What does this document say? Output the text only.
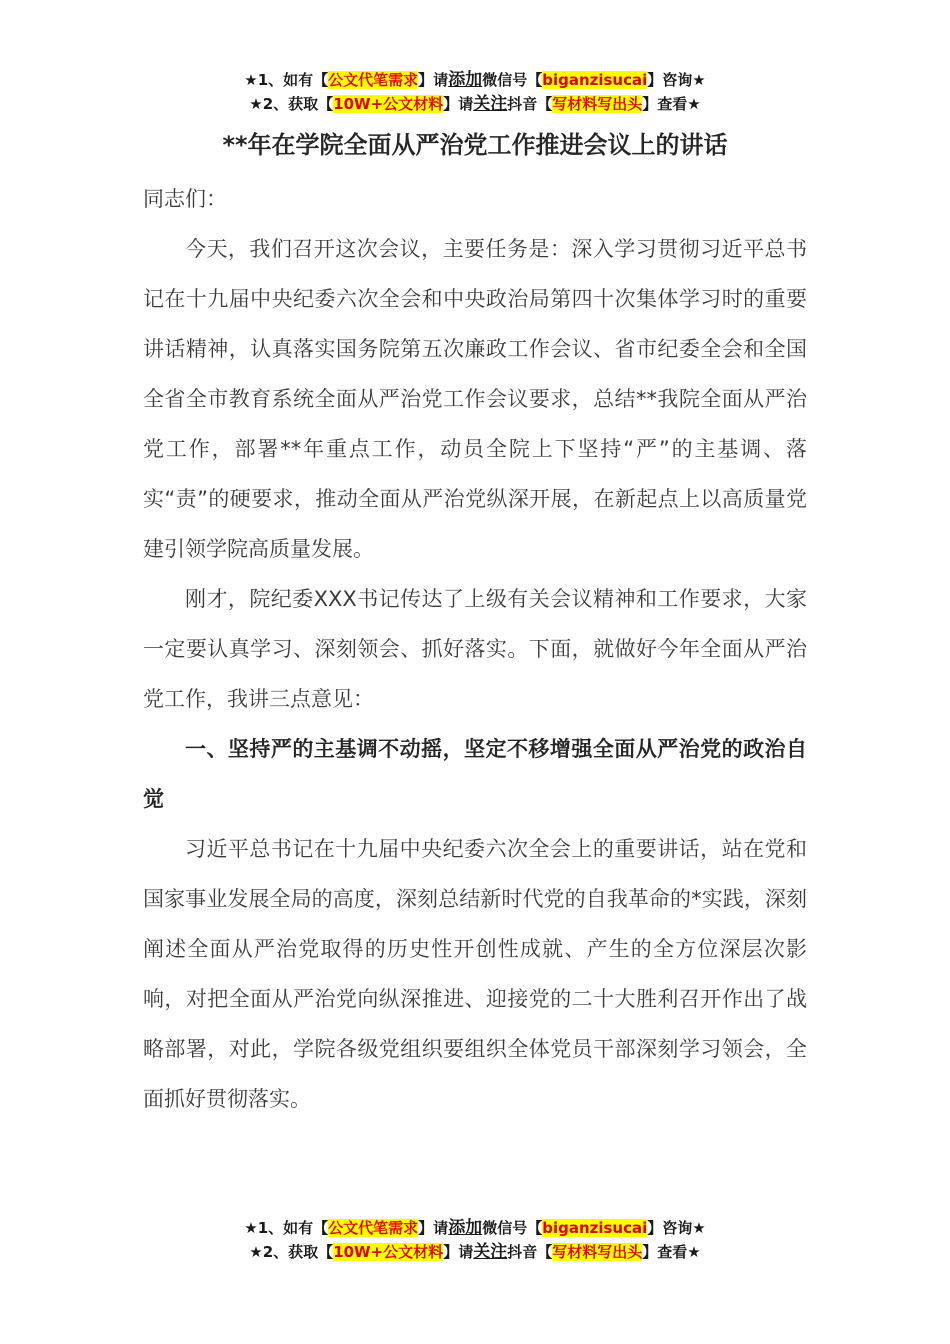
★1、如有【公文代笔需求】请添加微信号【biganzisucai】咨询★
★2、获取【10W+公文材料】请关注抖音【写材料写出头】查看★
**年在学院全面从严治党工作推进会议上的讲话

同志们：

今天，我们召开这次会议，主要任务是：深入学习贯彻习近平总书记在十九届中央纪委六次全会和中央政治局第四十次集体学习时的重要讲话精神，认真落实国务院第五次廉政工作会议、省市纪委全会和全国全省全市教育系统全面从严治党工作会议要求，总结**我院全面从严治党工作，部署**年重点工作，动员全院上下坚持“严”的主基调、落实“责”的硬要求，推动全面从严治党纵深开展，在新起点上以高质量党建引领学院高质量发展。

刚才，院纪委XXX书记传达了上级有关会议精神和工作要求，大家一定要认真学习、深刻领会、抓好落实。下面，就做好今年全面从严治党工作，我讲三点意见：

一、坚持严的主基调不动摇，坚定不移增强全面从严治党的政治自觉

习近平总书记在十九届中央纪委六次全会上的重要讲话，站在党和国家事业发展全局的高度，深刻总结新时代党的自我革命的*实践，深刻阐述全面从严治党取得的历史性开创性成就、产生的全方位深层次影响，对把全面从严治党向纵深推进、迎接党的二十大胜利召开作出了战略部署，对此，学院各级党组织要组织全体党员干部深刻学习领会，全面抓好贯彻落实。

★1、如有【公文代笔需求】请添加微信号【biganzisucai】咨询★
★2、获取【10W+公文材料】请关注抖音【写材料写出头】查看★
